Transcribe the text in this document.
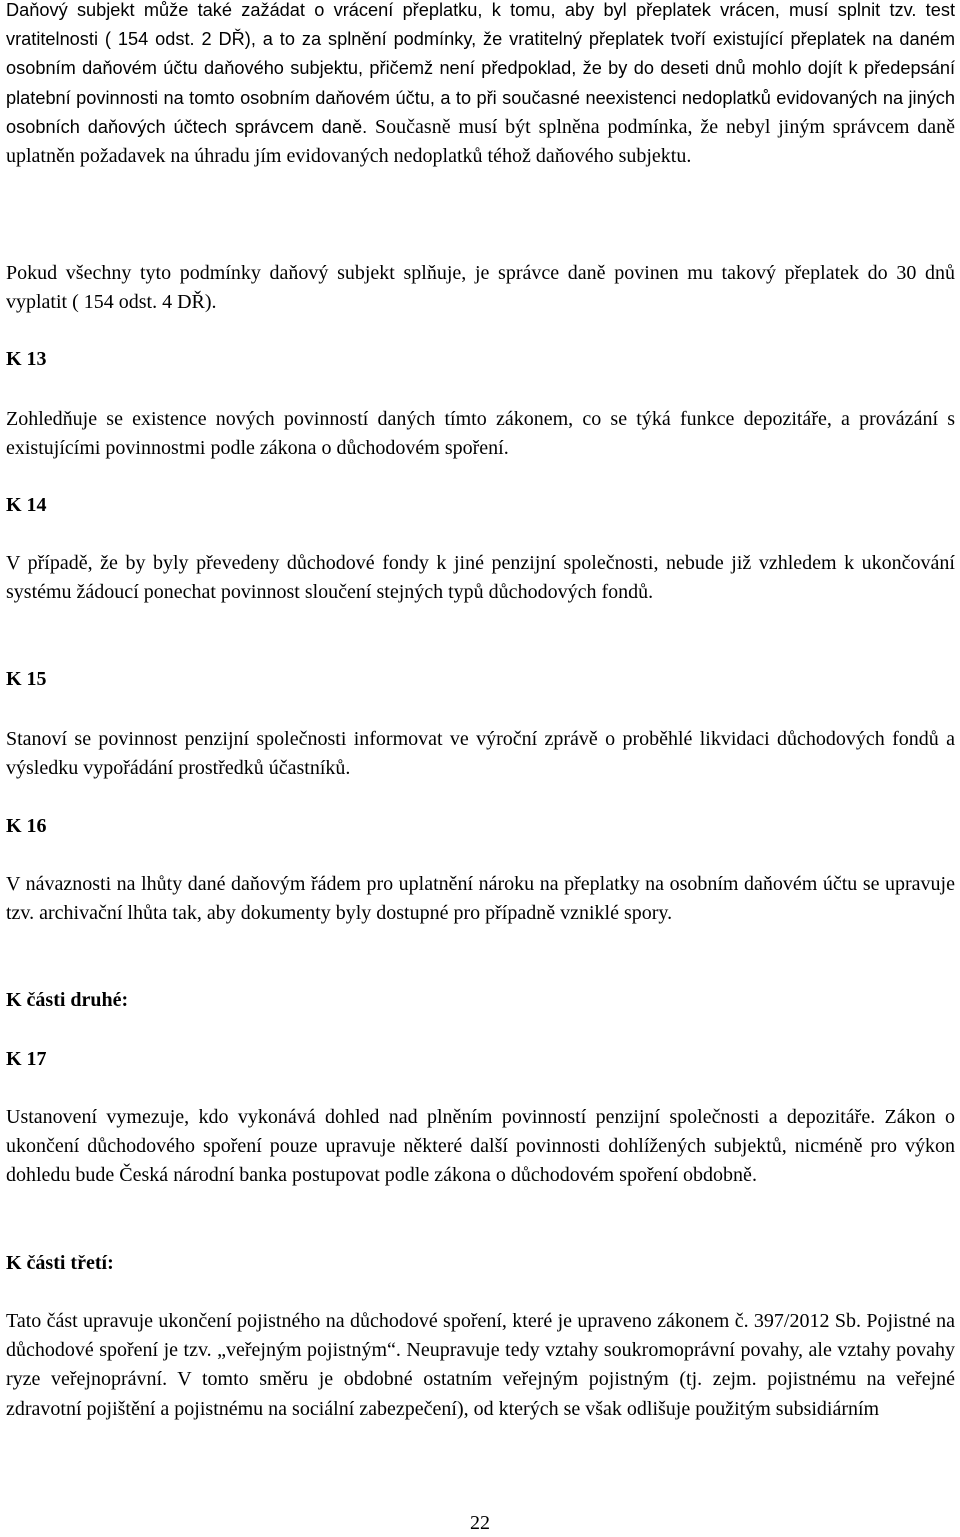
Daňový subjekt může také zažádat o vrácení přeplatku, k tomu, aby byl přeplatek vrácen, musí splnit tzv. test vratitelnosti ( 154 odst. 2 DŘ), a to za splnění podmínky, že vratitelný přeplatek tvoří existující přeplatek na daném osobním daňovém účtu daňového subjektu, přičemž není předpoklad, že by do deseti dnů mohlo dojít k předepsání platební povinnosti na tomto osobním daňovém účtu, a to při současné neexistenci nedoplatků evidovaných na jiných osobních daňových účtech správcem daně. Současně musí být splněna podmínka, že nebyl jiným správcem daně uplatněn požadavek na úhradu jím evidovaných nedoplatků téhož daňového subjektu.

Pokud všechny tyto podmínky daňový subjekt splňuje, je správce daně povinen mu takový přeplatek do 30 dnů vyplatit ( 154 odst. 4 DŘ).

K 13

Zohledňuje se existence nových povinností daných tímto zákonem, co se týká funkce depozitáře, a provázání s existujícími povinnostmi podle zákona o důchodovém spoření.

K 14

V případě, že by byly převedeny důchodové fondy k jiné penzijní společnosti, nebude již vzhledem k ukončování systému žádoucí ponechat povinnost sloučení stejných typů důchodových fondů.

K 15

Stanoví se povinnost penzijní společnosti informovat ve výroční zprávě o proběhlé likvidaci důchodových fondů a výsledku vypořádání prostředků účastníků.

K 16

V návaznosti na lhůty dané daňovým řádem pro uplatnění nároku na přeplatky na osobním daňovém účtu se upravuje tzv. archivační lhůta tak, aby dokumenty byly dostupné pro případně vzniklé spory.

K části druhé:
K 17

Ustanovení vymezuje, kdo vykonává dohled nad plněním povinností penzijní společnosti a depozitáře. Zákon o ukončení důchodového spoření pouze upravuje některé další povinnosti dohlížených subjektů, nicméně pro výkon dohledu bude Česká národní banka postupovat podle zákona o důchodovém spoření obdobně.

K části třetí:

Tato část upravuje ukončení pojistného na důchodové spoření, které je upraveno zákonem č. 397/2012 Sb. Pojistné na důchodové spoření je tzv. „veřejným pojistným“. Neupravuje tedy vztahy soukromoprávní povahy, ale vztahy povahy ryze veřejnoprávní. V tomto směru je obdobné ostatním veřejným pojistným (tj. zejm. pojistnému na veřejné zdravotní pojištění a pojistnému na sociální zabezpečení), od kterých se však odlišuje použitým subsidiárním

22
